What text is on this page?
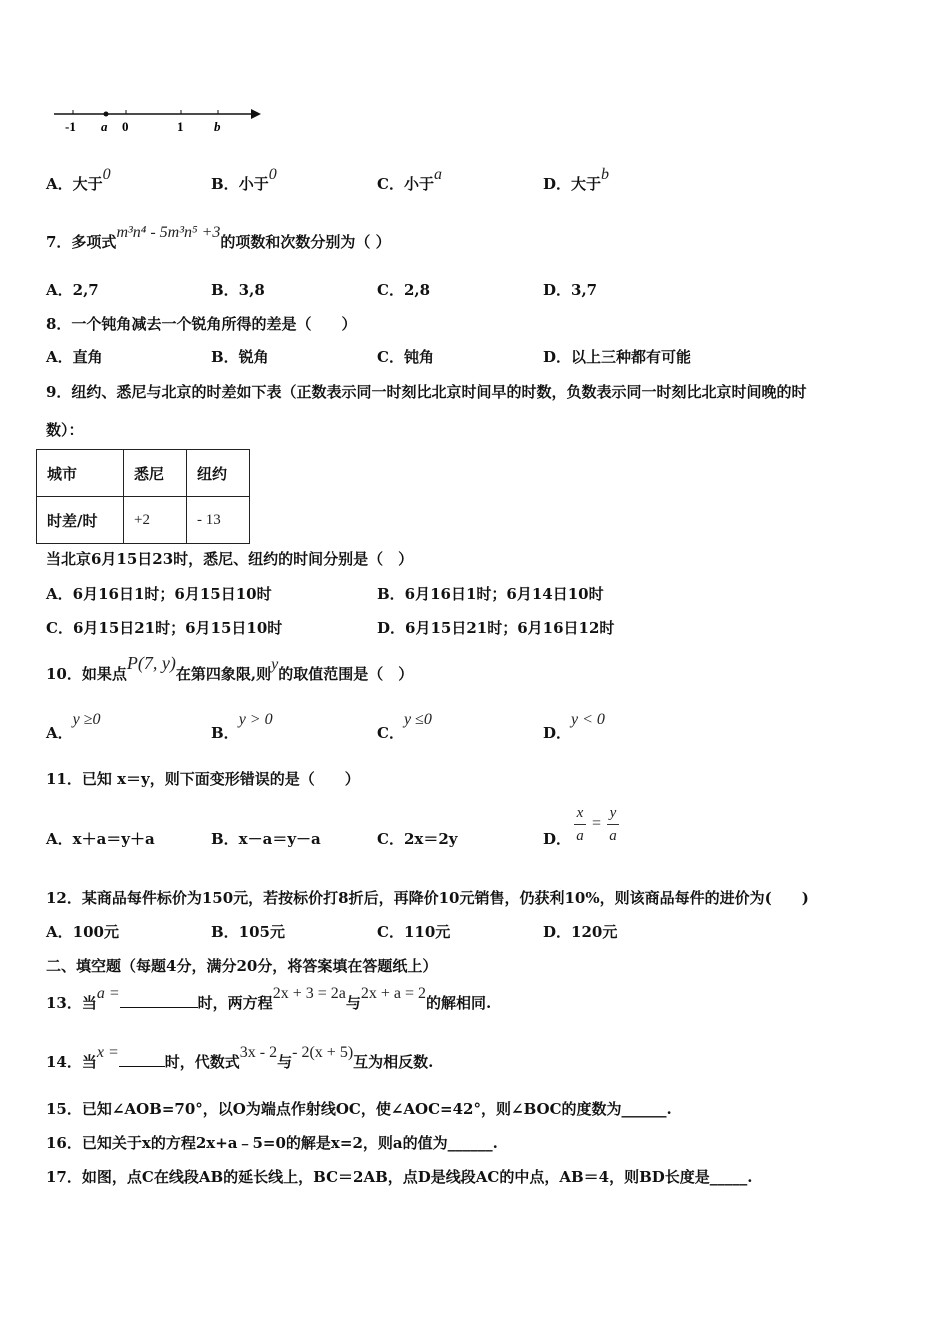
-1 a 0	1 b
A．大于0
B．小于0
C．小于a
D．大于b
7．多项式m³n⁴ - 5m³n⁵ +3的项数和次数分别为（ ）
A．2,7	B．3,8	C．2,8	D．3,7
8．一个钝角减去一个锐角所得的差是（　　）
A．直角	B．锐角	C．钝角	D．以上三种都有可能
9．纽约、悉尼与北京的时差如下表（正数表示同一时刻比北京时间早的时数，负数表示同一时刻比北京时间晚的时
数）：
城市	悉尼	纽约
时差/时	+2	- 13
当北京6月15日23时，悉尼、纽约的时间分别是（　）
A．6月16日1时；6月15日10时	B．6月16日1时；6月14日10时
C．6月15日21时；6月15日10时	D．6月15日21时；6月16日12时
10．如果点P(7, y)在第四象限,则y的取值范围是（　）
A．y ≥0
B．y > 0
C．y ≤0
D．y < 0
11．已知 x＝y，则下面变形错误的是（　　）
A．x＋a＝y＋a	B．x－a＝y－a	C．2x＝2y	D．
x
a
=
y
a
12．某商品每件标价为150元，若按标价打8折后，再降价10元销售，仍获利10%，则该商品每件的进价为(　　)
A．100元	B．105元	C．110元	D．120元
二、填空题（每题4分，满分20分，将答案填在答题纸上）
13．当a =时，两方程2x + 3 = 2a与2x + a = 2的解相同.
14．当x =时，代数式3x - 2与- 2(x + 5)互为相反数.
15．已知∠AOB=70°，以O为端点作射线OC，使∠AOC=42°，则∠BOC的度数为______.
16．已知关于x的方程2x+a﹣5=0的解是x=2，则a的值为______.
17．如图，点C在线段AB的延长线上，BC＝2AB，点D是线段AC的中点，AB＝4，则BD长度是_____.
